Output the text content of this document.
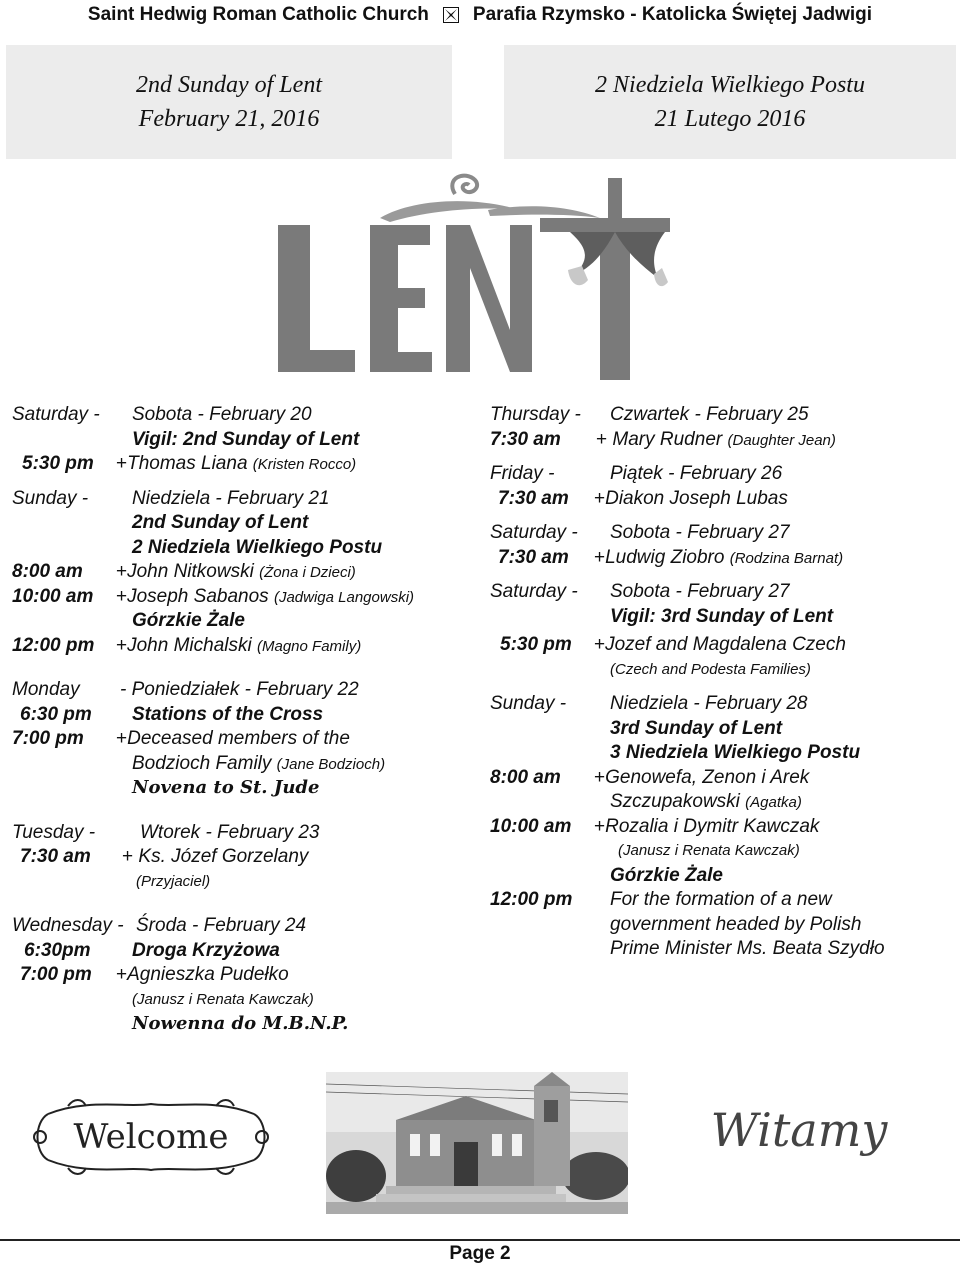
Saint Hedwig Roman Catholic Church Parafia Rzymsko - Katolicka Świętej Jadwigi
2nd Sunday of Lent
February 21, 2016
2 Niedziela Wielkiego Postu
21 Lutego 2016
Saturday - Sobota - February 20
Vigil: 2nd Sunday of Lent
5:30 pm +Thomas Liana (Kristen Rocco)
Sunday - Niedziela - February 21
2nd Sunday of Lent
2 Niedziela Wielkiego Postu
8:00 am +John Nitkowski (Żona i Dzieci)
10:00 am +Joseph Sabanos (Jadwiga Langowski)
Górzkie Żale
12:00 pm +John Michalski (Magno Family)
Monday - Poniedziałek - February 22
6:30 pm Stations of the Cross
7:00 pm +Deceased members of the
Bodzioch Family (Jane Bodzioch)
Novena to St. Jude
Tuesday - Wtorek - February 23
7:30 am + Ks. Józef Gorzelany
(Przyjaciel)
Wednesday - Środa - February 24
6:30pm Droga Krzyżowa
7:00 pm +Agnieszka Pudełko
(Janusz i Renata Kawczak)
Nowenna do M.B.N.P.
Thursday - Czwartek - February 25
7:30 am + Mary Rudner (Daughter Jean)
Friday -	Piątek - February 26
7:30 am +Diakon Joseph Lubas
Saturday - Sobota - February 27
7:30 am +Ludwig Ziobro (Rodzina Barnat)
Saturday - Sobota - February 27
Vigil: 3rd Sunday of Lent
5:30 pm +Jozef and Magdalena Czech
(Czech and Podesta Families)
Sunday - Niedziela - February 28
3rd Sunday of Lent
3 Niedziela Wielkiego Postu
8:00 am +Genowefa, Zenon i Arek
Szczupakowski (Agatka)
10:00 am +Rozalia i Dymitr Kawczak
(Janusz i Renata Kawczak)
Górzkie Żale
12:00 pm For the formation of a new
government headed by Polish
Prime Minister Ms. Beata Szydło
Welcome	Witamy
Page 2
